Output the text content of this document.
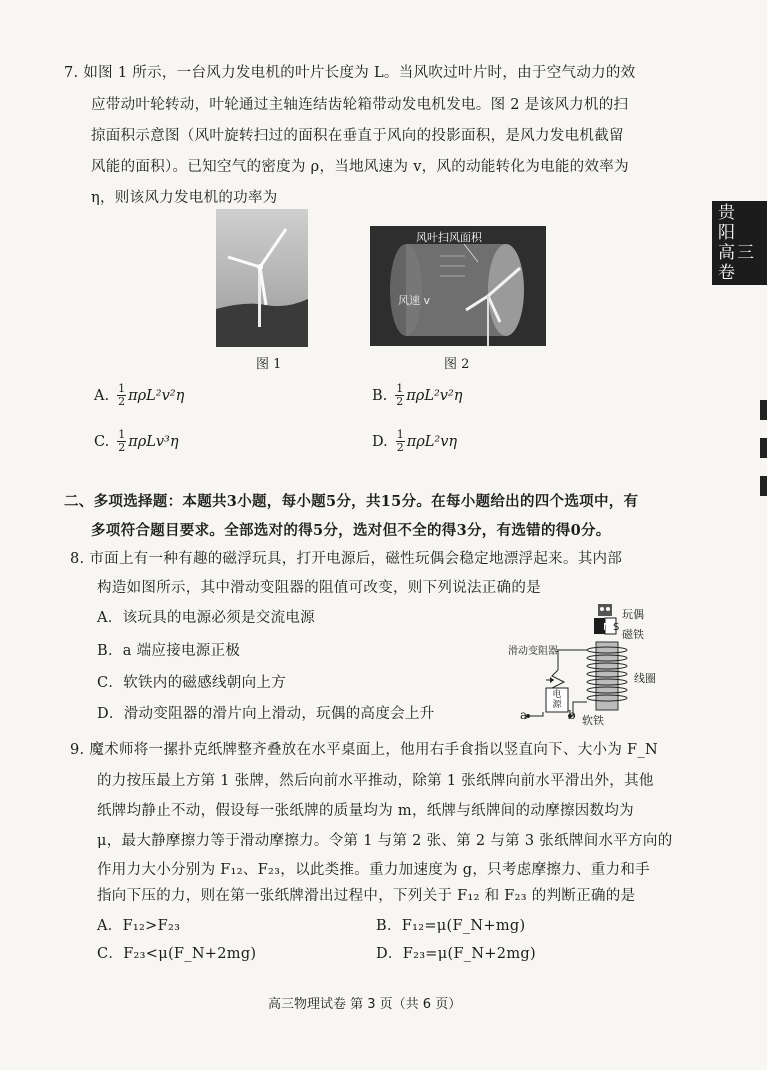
贵 阳
高三卷
7. 如图 1 所示，一台风力发电机的叶片长度为 L。当风吹过叶片时，由于空气动力的效
应带动叶轮转动，叶轮通过主轴连结齿轮箱带动发电机发电。图 2 是该风力机的扫
掠面积示意图（风叶旋转扫过的面积在垂直于风向的投影面积，是风力发电机截留
风能的面积）。已知空气的密度为 ρ，当地风速为 v，风的动能转化为电能的效率为
η，则该风力发电机的功率为
图 1
风叶扫风面积
风速 v
图 2
A. $\frac{1}{2} \pi\rho L^2v^2\eta$	B. $\frac{1}{2} \pi\rho L^2v^2\eta$
C. $\frac{1}{2} \pi\rho Lv^3\eta$	D. $\frac{1}{2} \pi\rho L^2v\eta$
二、多项选择题：本题共3小题，每小题5分，共15分。在每小题给出的四个选项中，有
多项符合题目要求。全部选对的得5分，选对但不全的得3分，有选错的得0分。
8. 市面上有一种有趣的磁浮玩具，打开电源后，磁性玩偶会稳定地漂浮起来。其内部
构造如图所示，其中滑动变阻器的阻值可改变，则下列说法正确的是
A．该玩具的电源必须是交流电源
B．a 端应接电源正极
C．软铁内的磁感线朝向上方
D．滑动变阻器的滑片向上滑动，玩偶的高度会上升
N S
玩偶
磁铁
滑动变阻器
线圈
电源
软铁
a	b
9. 魔术师将一摞扑克纸牌整齐叠放在水平桌面上，他用右手食指以竖直向下、大小为 F_N
的力按压最上方第 1 张牌，然后向前水平推动，除第 1 张纸牌向前水平滑出外，其他
纸牌均静止不动，假设每一张纸牌的质量均为 m，纸牌与纸牌间的动摩擦因数均为
μ，最大静摩擦力等于滑动摩擦力。令第 1 与第 2 张、第 2 与第 3 张纸牌间水平方向的
作用力大小分别为 F₁₂、F₂₃，以此类推。重力加速度为 g，只考虑摩擦力、重力和手
指向下压的力，则在第一张纸牌滑出过程中，下列关于 F₁₂ 和 F₂₃ 的判断正确的是
A．F₁₂>F₂₃	B．F₁₂=μ(F_N+mg)
C．F₂₃<μ(F_N+2mg)	D．F₂₃=μ(F_N+2mg)
高三物理试卷 第 3 页（共 6 页）
